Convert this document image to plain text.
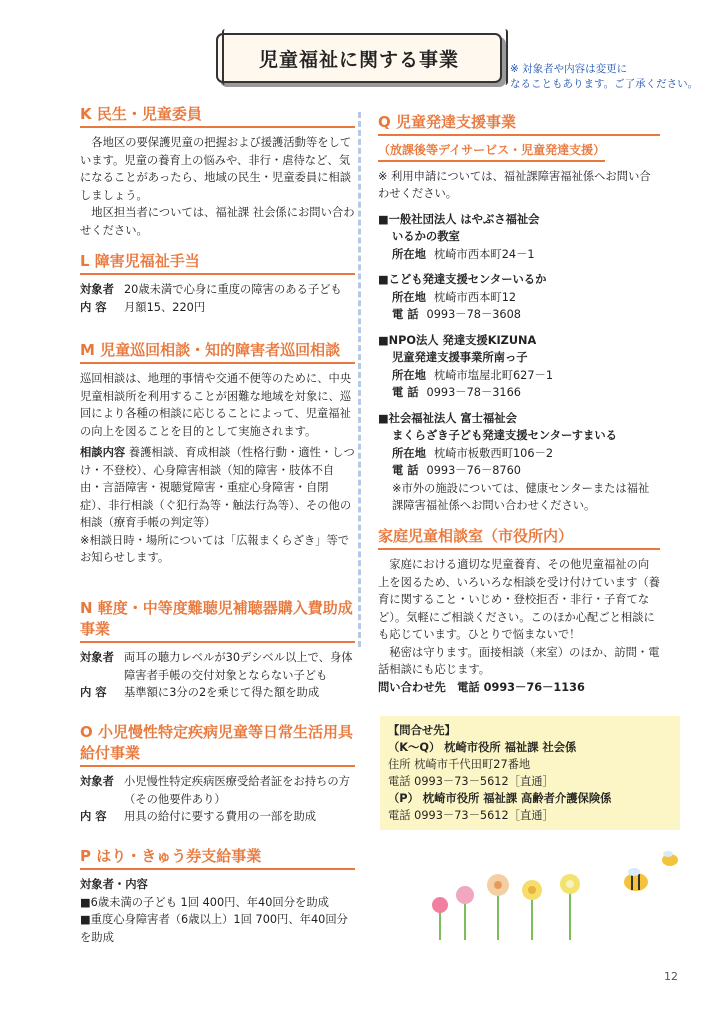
児童福祉に関する事業	※ 対象者や内容は変更に
なることもあります。ご了承ください。
K 民生・児童委員

各地区の要保護児童の把握および援護活動等をしています。児童の養育上の悩みや、非行・虐待など、気になることがあったら、地域の民生・児童委員に相談しましょう。

地区担当者については、福祉課 社会係にお問い合わせください。

L 障害児福祉手当
対象者 20歳未満で心身に重度の障害のある子ども
内 容	月額15、220円
M 児童巡回相談・知的障害者巡回相談

巡回相談は、地理的事情や交通不便等のために、中央児童相談所を利用することが困難な地域を対象に、巡回により各種の相談に応じることによって、児童福祉の向上を図ることを目的として実施されます。

相談内容 養護相談、育成相談（性格行動・適性・しつけ・不登校）、心身障害相談（知的障害・肢体不自由・言語障害・視聴覚障害・重症心身障害・自閉症）、非行相談（ぐ犯行為等・触法行為等）、その他の相談（療育手帳の判定等）

※相談日時・場所については「広報まくらざき」等でお知らせします。

N 軽度・中等度難聴児補聴器購入費助成事業
対象者 両耳の聴力レベルが30デシベル以上で、身体障害者手帳の交付対象とならない子ども
内 容	基準額に3分の2を乗じて得た額を助成
O 小児慢性特定疾病児童等日常生活用具給付事業
対象者 小児慢性特定疾病医療受給者証をお持ちの方（その他要件あり）
内 容	用具の給付に要する費用の一部を助成
P はり・きゅう券支給事業

対象者・内容

■6歳未満の子ども 1回 400円、年40回分を助成

■重度心身障害者（6歳以上）1回 700円、年40回分を助成

Q 児童発達支援事業
（放課後等デイサービス・児童発達支援）

※ 利用申請については、福祉課障害福祉係へお問い合わせください。

■一般社団法人 はやぶさ福祉会
いるかの教室
所在地 枕崎市西本町24－1
■こども発達支援センターいるか
所在地 枕崎市西本町12
電 話 0993－78－3608
■NPO法人 発達支援KIZUNA
児童発達支援事業所南っ子
所在地 枕崎市塩屋北町627－1
電 話 0993－78－3166
■社会福祉法人 富士福祉会
まくらざき子ども発達支援センターすまいる
所在地 枕崎市板敷西町106－2
電 話 0993－76－8760

※市外の施設については、健康センターまたは福祉課障害福祉係へお問い合わせください。

家庭児童相談室（市役所内）

家庭における適切な児童養育、その他児童福祉の向上を図るため、いろいろな相談を受け付けています（養育に関すること・いじめ・登校拒否・非行・子育てなど）。気軽にご相談ください。このほか心配ごと相談にも応じています。ひとりで悩まないで！

秘密は守ります。面接相談（来室）のほか、訪問・電話相談にも応じます。

問い合わせ先　電話 0993－76－1136

【問合せ先】
（K～Q） 枕崎市役所 福祉課 社会係
住所 枕崎市千代田町27番地
電話 0993－73－5612［直通］
（P） 枕崎市役所 福祉課 高齢者介護保険係
電話 0993－73－5612［直通］
12
